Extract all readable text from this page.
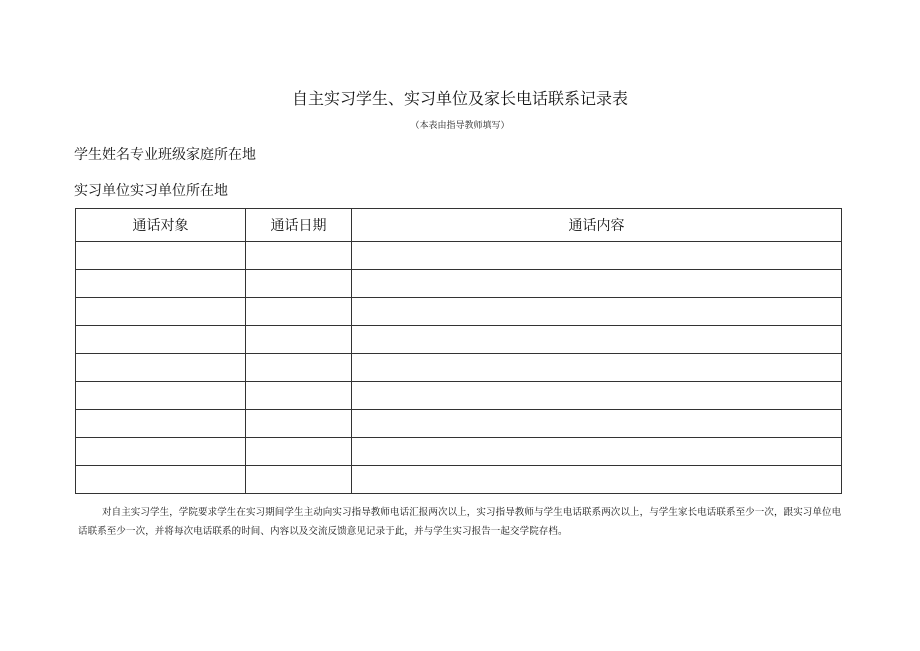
自主实习学生、实习单位及家长电话联系记录表
（本表由指导教师填写）
学生姓名专业班级家庭所在地
实习单位实习单位所在地
通话对象	通话日期	通话内容

对自主实习学生，学院要求学生在实习期间学生主动向实习指导教师电话汇报两次以上，实习指导教师与学生电话联系两次以上，与学生家长电话联系至少一次，跟实习单位电话联系至少一次，并将每次电话联系的时间、内容以及交流反馈意见记录于此，并与学生实习报告一起交学院存档。
